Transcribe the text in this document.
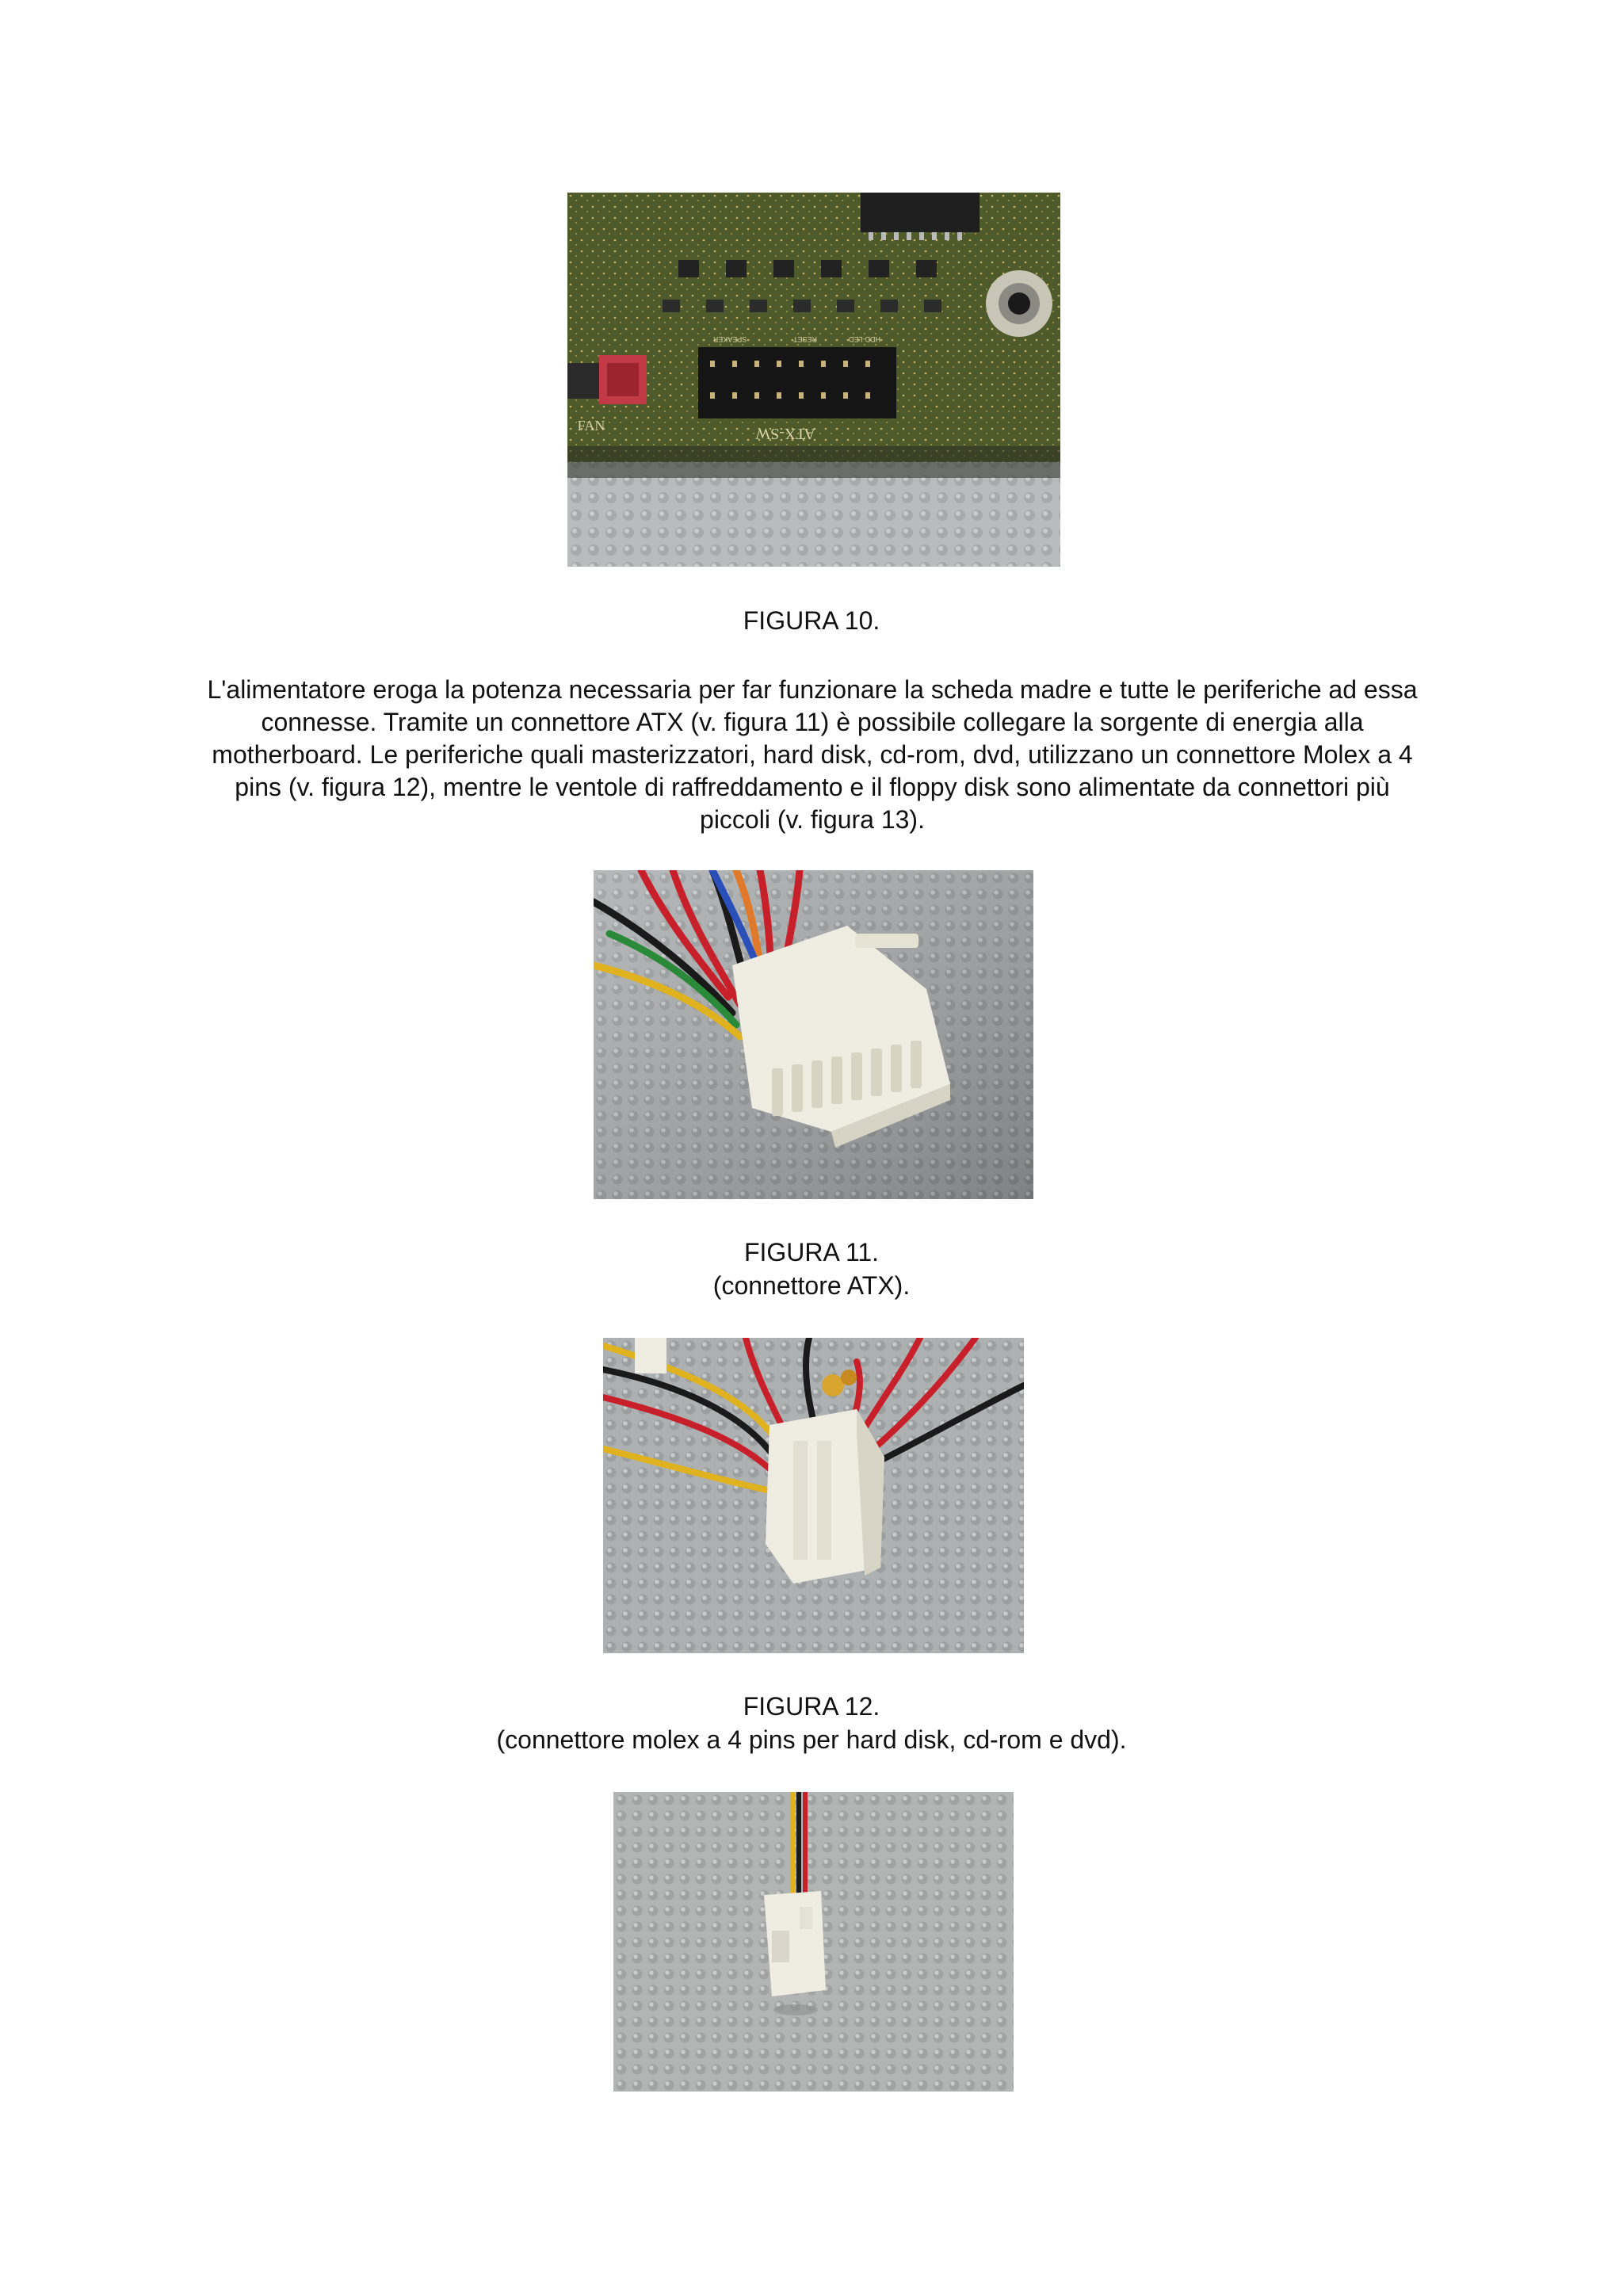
ATX-SW
FAN
SPEAKER	RESET	HDD-LED
FIGURA 10.
L'alimentatore eroga la potenza necessaria per far funzionare la scheda madre e tutte le periferiche ad essa
connesse. Tramite un connettore ATX (v. figura 11) è possibile collegare la sorgente di energia alla
motherboard. Le periferiche quali masterizzatori, hard disk, cd-rom, dvd, utilizzano un connettore Molex a 4
pins (v. figura 12), mentre le ventole di raffreddamento e il floppy disk sono alimentate da connettori più
piccoli (v. figura 13).
FIGURA 11.
(connettore ATX).
FIGURA 12.
(connettore molex a 4 pins per hard disk, cd-rom e dvd).
